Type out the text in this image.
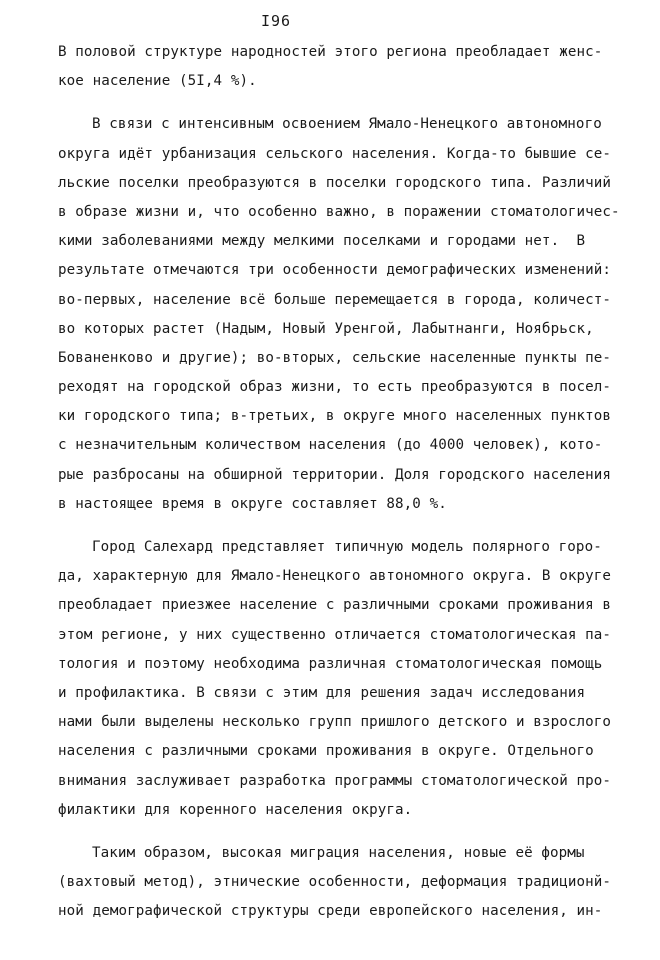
I96
В половой структуре народностей этого региона преобладает женс-
кое население (5I,4 %).
В связи с интенсивным освоением Ямало-Ненецкого автономного
округа идёт урбанизация сельского населения. Когда-то бывшие се-
льские поселки преобразуются в поселки городского типа. Различий
в образе жизни и, что особенно важно, в поражении стоматологичес-
кими заболеваниями между мелкими поселками и городами нет.  В
результате отмечаются три особенности демографических изменений:
во-первых, население всё больше перемещается в города, количест-
во которых растет (Надым, Новый Уренгой, Лабытнанги, Ноябрьск,
Бованенково и другие); во-вторых, сельские населенные пункты пе-
реходят на городской образ жизни, то есть преобразуются в посел-
ки городского типа; в-третьих, в округе много населенных пунктов
с незначительным количеством населения (до 4000 человек), кото-
рые разбросаны на обширной территории. Доля городского населения
в настоящее время в округе составляет 88,0 %.
Город Салехард представляет типичную модель полярного горо-
да, характерную для Ямало-Ненецкого автономного округа. В округе
преобладает приезжее население с различными сроками проживания в
этом регионе, у них существенно отличается стоматологическая па-
тология и поэтому необходима различная стоматологическая помощь
и профилактика. В связи с этим для решения задач исследования
нами были выделены несколько групп пришлого детского и взрослого
населения с различными сроками проживания в округе. Отдельного
внимания заслуживает разработка программы стоматологической про-
филактики для коренного населения округа.
Таким образом, высокая миграция населения, новые её формы
(вахтовый метод), этнические особенности, деформация традиционй-
ной демографической структуры среди европейского населения, ин-
